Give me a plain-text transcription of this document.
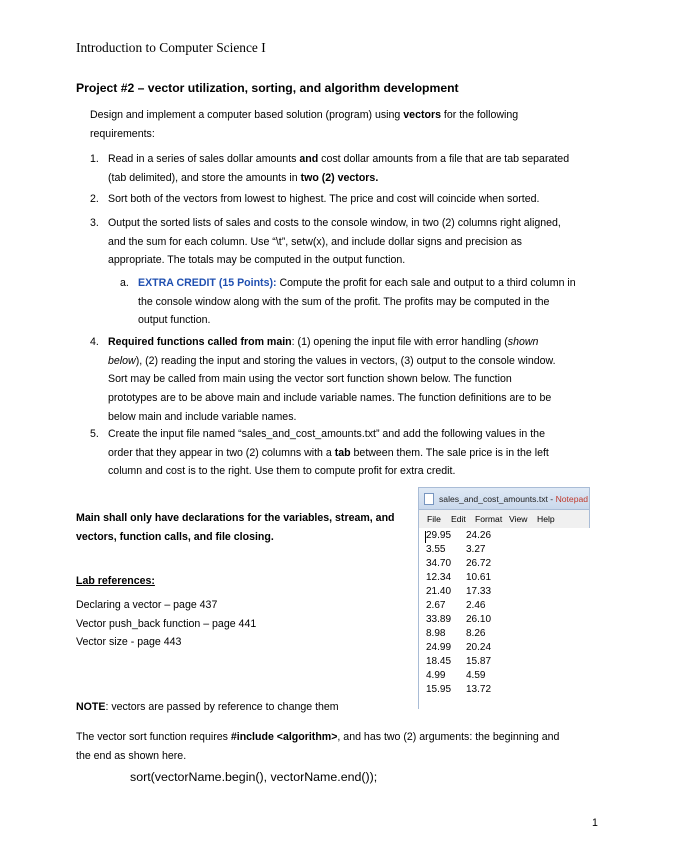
Introduction to Computer Science I
Project #2 – vector utilization, sorting, and algorithm development
Design and implement a computer based solution (program) using vectors for the following
requirements:
1. Read in a series of sales dollar amounts and cost dollar amounts from a file that are tab separated
(tab delimited), and store the amounts in two (2) vectors.
2. Sort both of the vectors from lowest to highest. The price and cost will coincide when sorted.
3. Output the sorted lists of sales and costs to the console window, in two (2) columns right aligned,
and the sum for each column. Use “\t”, setw(x), and include dollar signs and precision as
appropriate. The totals may be computed in the output function.
a. EXTRA CREDIT (15 Points): Compute the profit for each sale and output to a third column in
the console window along with the sum of the profit. The profits may be computed in the
output function.
4. Required functions called from main: (1) opening the input file with error handling (shown
below), (2) reading the input and storing the values in vectors, (3) output to the console window.
Sort may be called from main using the vector sort function shown below. The function
prototypes are to be above main and include variable names. The function definitions are to be
below main and include variable names.
5. Create the input file named “sales_and_cost_amounts.txt” and add the following values in the
order that they appear in two (2) columns with a tab between them. The sale price is in the left
column and cost is to the right. Use them to compute profit for extra credit.
Main shall only have declarations for the variables, stream, and
vectors, function calls, and file closing.
Lab references:
Declaring a vector – page 437
Vector push_back function – page 441
Vector size - page 443
sales_and_cost_amounts.txt - Notepad
File Edit Format View Help
29.95 24.26
3.55 3.27
34.70 26.72
12.34 10.61
21.40 17.33
2.67 2.46
33.89 26.10
8.98 8.26
24.99 20.24
18.45 15.87
4.99 4.59
15.95 13.72
NOTE: vectors are passed by reference to change them
The vector sort function requires #include <algorithm>, and has two (2) arguments: the beginning and
the end as shown here.
sort(vectorName.begin(), vectorName.end());
1
